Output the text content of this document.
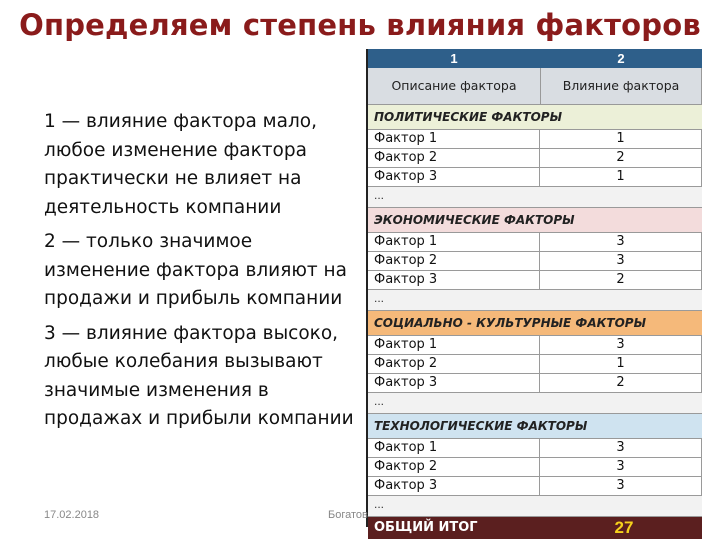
Определяем степень влияния факторов

1 — влияние фактора мало, любое изменение фактора практически не влияет на деятельность компании

2 — только значимое изменение фактора влияют на продажи и прибыль компании

3 — влияние фактора высоко, любые колебания вызывают значимые изменения в продажах и прибыли компании

1	2
Описание фактора	Влияние фактора
ПОЛИТИЧЕСКИЕ ФАКТОРЫ
Фактор 1	1
Фактор 2	2
Фактор 3	1
...
ЭКОНОМИЧЕСКИЕ ФАКТОРЫ
Фактор 1	3
Фактор 2	3
Фактор 3	2
...
СОЦИАЛЬНО - КУЛЬТУРНЫЕ ФАКТОРЫ
Фактор 1	3
Фактор 2	1
Фактор 3	2
...
ТЕХНОЛОГИЧЕСКИЕ ФАКТОРЫ
Фактор 1	3
Фактор 2	3
Фактор 3	3
...
ОБЩИЙ ИТОГ	27
17.02.2018	Богатов
